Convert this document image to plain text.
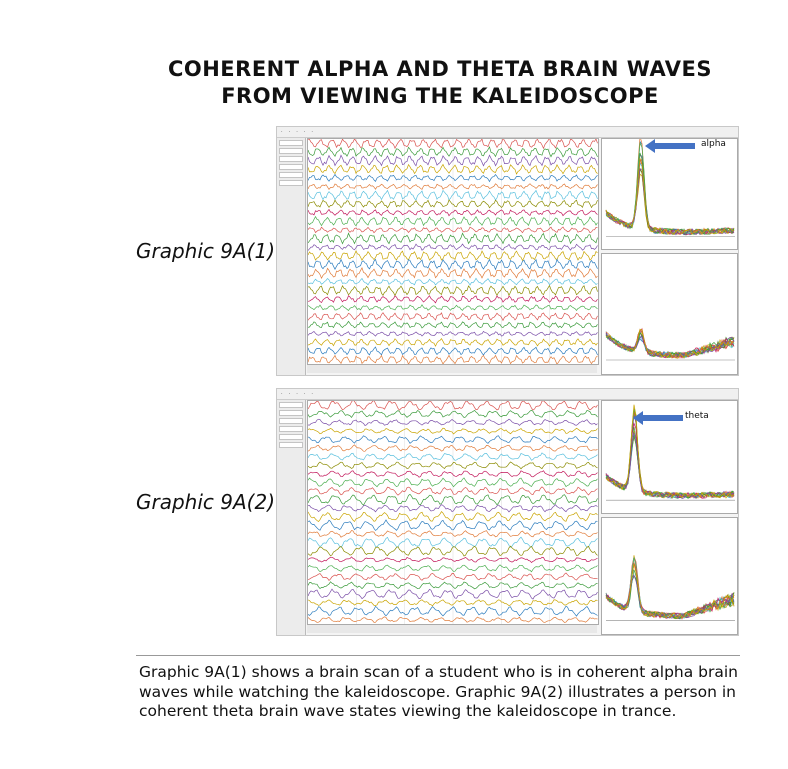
COHERENT ALPHA AND THETA BRAIN WAVES
FROM VIEWING THE KALEIDOSCOPE
Graphic 9A(1)
· · · · ·
alpha
Graphic 9A(2)
· · · · ·
theta
Graphic 9A(1) shows a brain scan of a student who is in coherent alpha brain waves while watching the kaleidoscope. Graphic 9A(2) illustrates a person in coherent theta brain wave states viewing the kaleidoscope in trance.
